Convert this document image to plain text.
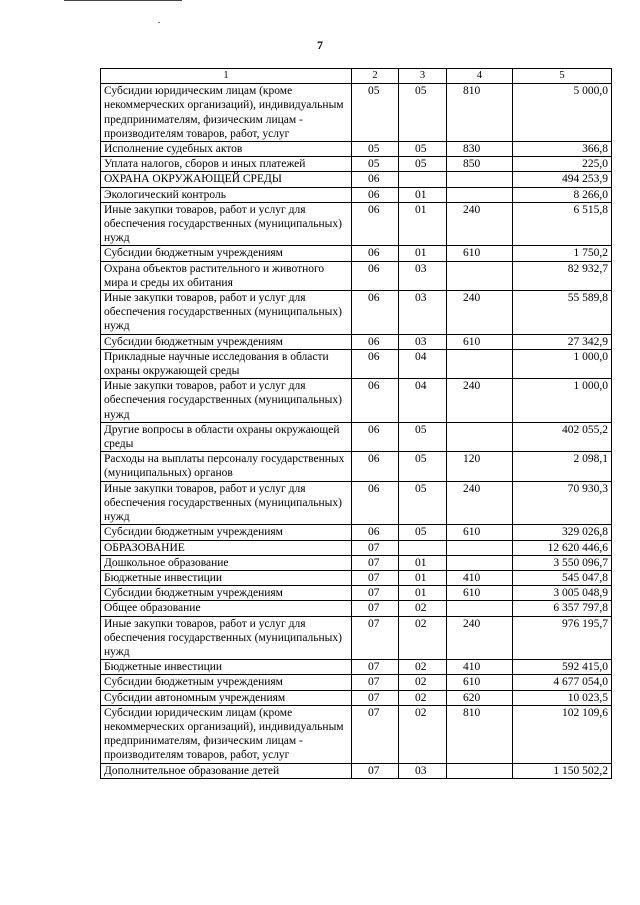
7
1	2	3	4	5
Субсидии юридическим лицам (кроме некоммерческих организаций), индивидуальным предпринимателям, физическим лицам - производителям товаров, работ, услуг	05	05	810	5 000,0
Исполнение судебных актов	05	05	830	366,8
Уплата налогов, сборов и иных платежей	05	05	850	225,0
ОХРАНА ОКРУЖАЮЩЕЙ СРЕДЫ	06			494 253,9
Экологический контроль	06	01		8 266,0
Иные закупки товаров, работ и услуг для обеспечения государственных (муниципальных) нужд	06	01	240	6 515,8
Субсидии бюджетным учреждениям	06	01	610	1 750,2
Охрана объектов растительного и животного мира и среды их обитания	06	03		82 932,7
Иные закупки товаров, работ и услуг для обеспечения государственных (муниципальных) нужд	06	03	240	55 589,8
Субсидии бюджетным учреждениям	06	03	610	27 342,9
Прикладные научные исследования в области охраны окружающей среды	06	04		1 000,0
Иные закупки товаров, работ и услуг для обеспечения государственных (муниципальных) нужд	06	04	240	1 000,0
Другие вопросы в области охраны окружающей среды	06	05		402 055,2
Расходы на выплаты персоналу государственных (муниципальных) органов	06	05	120	2 098,1
Иные закупки товаров, работ и услуг для обеспечения государственных (муниципальных) нужд	06	05	240	70 930,3
Субсидии бюджетным учреждениям	06	05	610	329 026,8
ОБРАЗОВАНИЕ	07			12 620 446,6
Дошкольное образование	07	01		3 550 096,7
Бюджетные инвестиции	07	01	410	545 047,8
Субсидии бюджетным учреждениям	07	01	610	3 005 048,9
Общее образование	07	02		6 357 797,8
Иные закупки товаров, работ и услуг для обеспечения государственных (муниципальных) нужд	07	02	240	976 195,7
Бюджетные инвестиции	07	02	410	592 415,0
Субсидии бюджетным учреждениям	07	02	610	4 677 054,0
Субсидии автономным учреждениям	07	02	620	10 023,5
Субсидии юридическим лицам (кроме некоммерческих организаций), индивидуальным предпринимателям, физическим лицам - производителям товаров, работ, услуг	07	02	810	102 109,6
Дополнительное образование детей	07	03		1 150 502,2
